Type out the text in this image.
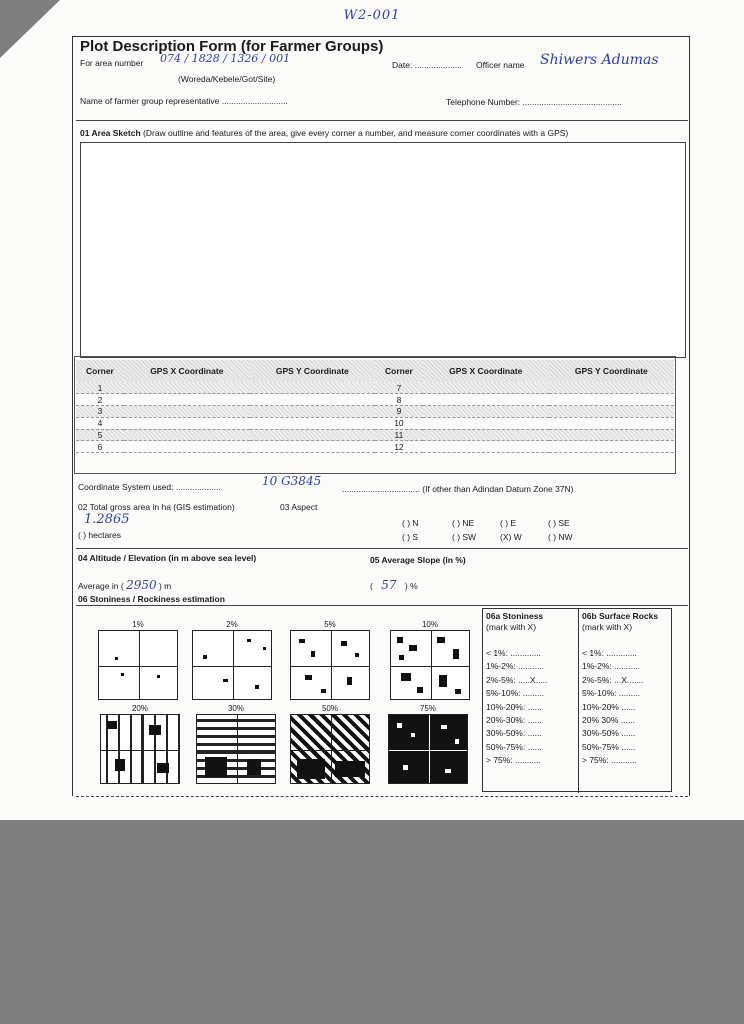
W2-001
Plot Description Form (for Farmer Groups)
For area number 074 / 1828 / 1326 / 001
(Woreda/Kebele/Got/Site)
Date: .................... Officer name Shiwers Adumas
Name of farmer group representative ............................	Telephone Number: ..........................................
01 Area Sketch (Draw outline and features of the area, give every corner a number, and measure corner coordinates with a GPS)
Corner	GPS X Coordinate	GPS Y Coordinate	Corner	GPS X Coordinate	GPS Y Coordinate
1			7		
2			8		
3			9		
4			10		
5			11		
6			12		
Coordinate System used: ...................	10 G3845
................................. (If other than Adindan Datum Zone 37N)
02 Total gross area in ha (GIS estimation)	03 Aspect
1.2865
( ) hectares
( ) N	( ) NE	( ) E	( ) SE
( ) S	( ) SW	(X) W	( ) NW
04 Altitude / Elevation (in m above sea level)	05 Average Slope (in %)
Average in ( 2950 ) m	( 57 ) %
06 Stoniness / Rockiness estimation
1%	2%	5%	10%
20%	30%	50%	75%
06a Stoniness
(mark with X)
< 1%: .............
1%-2%: ...........
2%-5%: .....X.....
5%-10%: .........
10%-20%: ......
20%-30%: ......
30%-50%: ......
50%-75%: ......
> 75%: ...........
06b Surface Rocks
(mark with X)
< 1%: .............
1%-2%: ...........
2%-5%: ...X.......
5%-10%: .........
10%-20% ......
20% 30% ......
30%-50% ......
50%-75% ......
> 75%: ...........
